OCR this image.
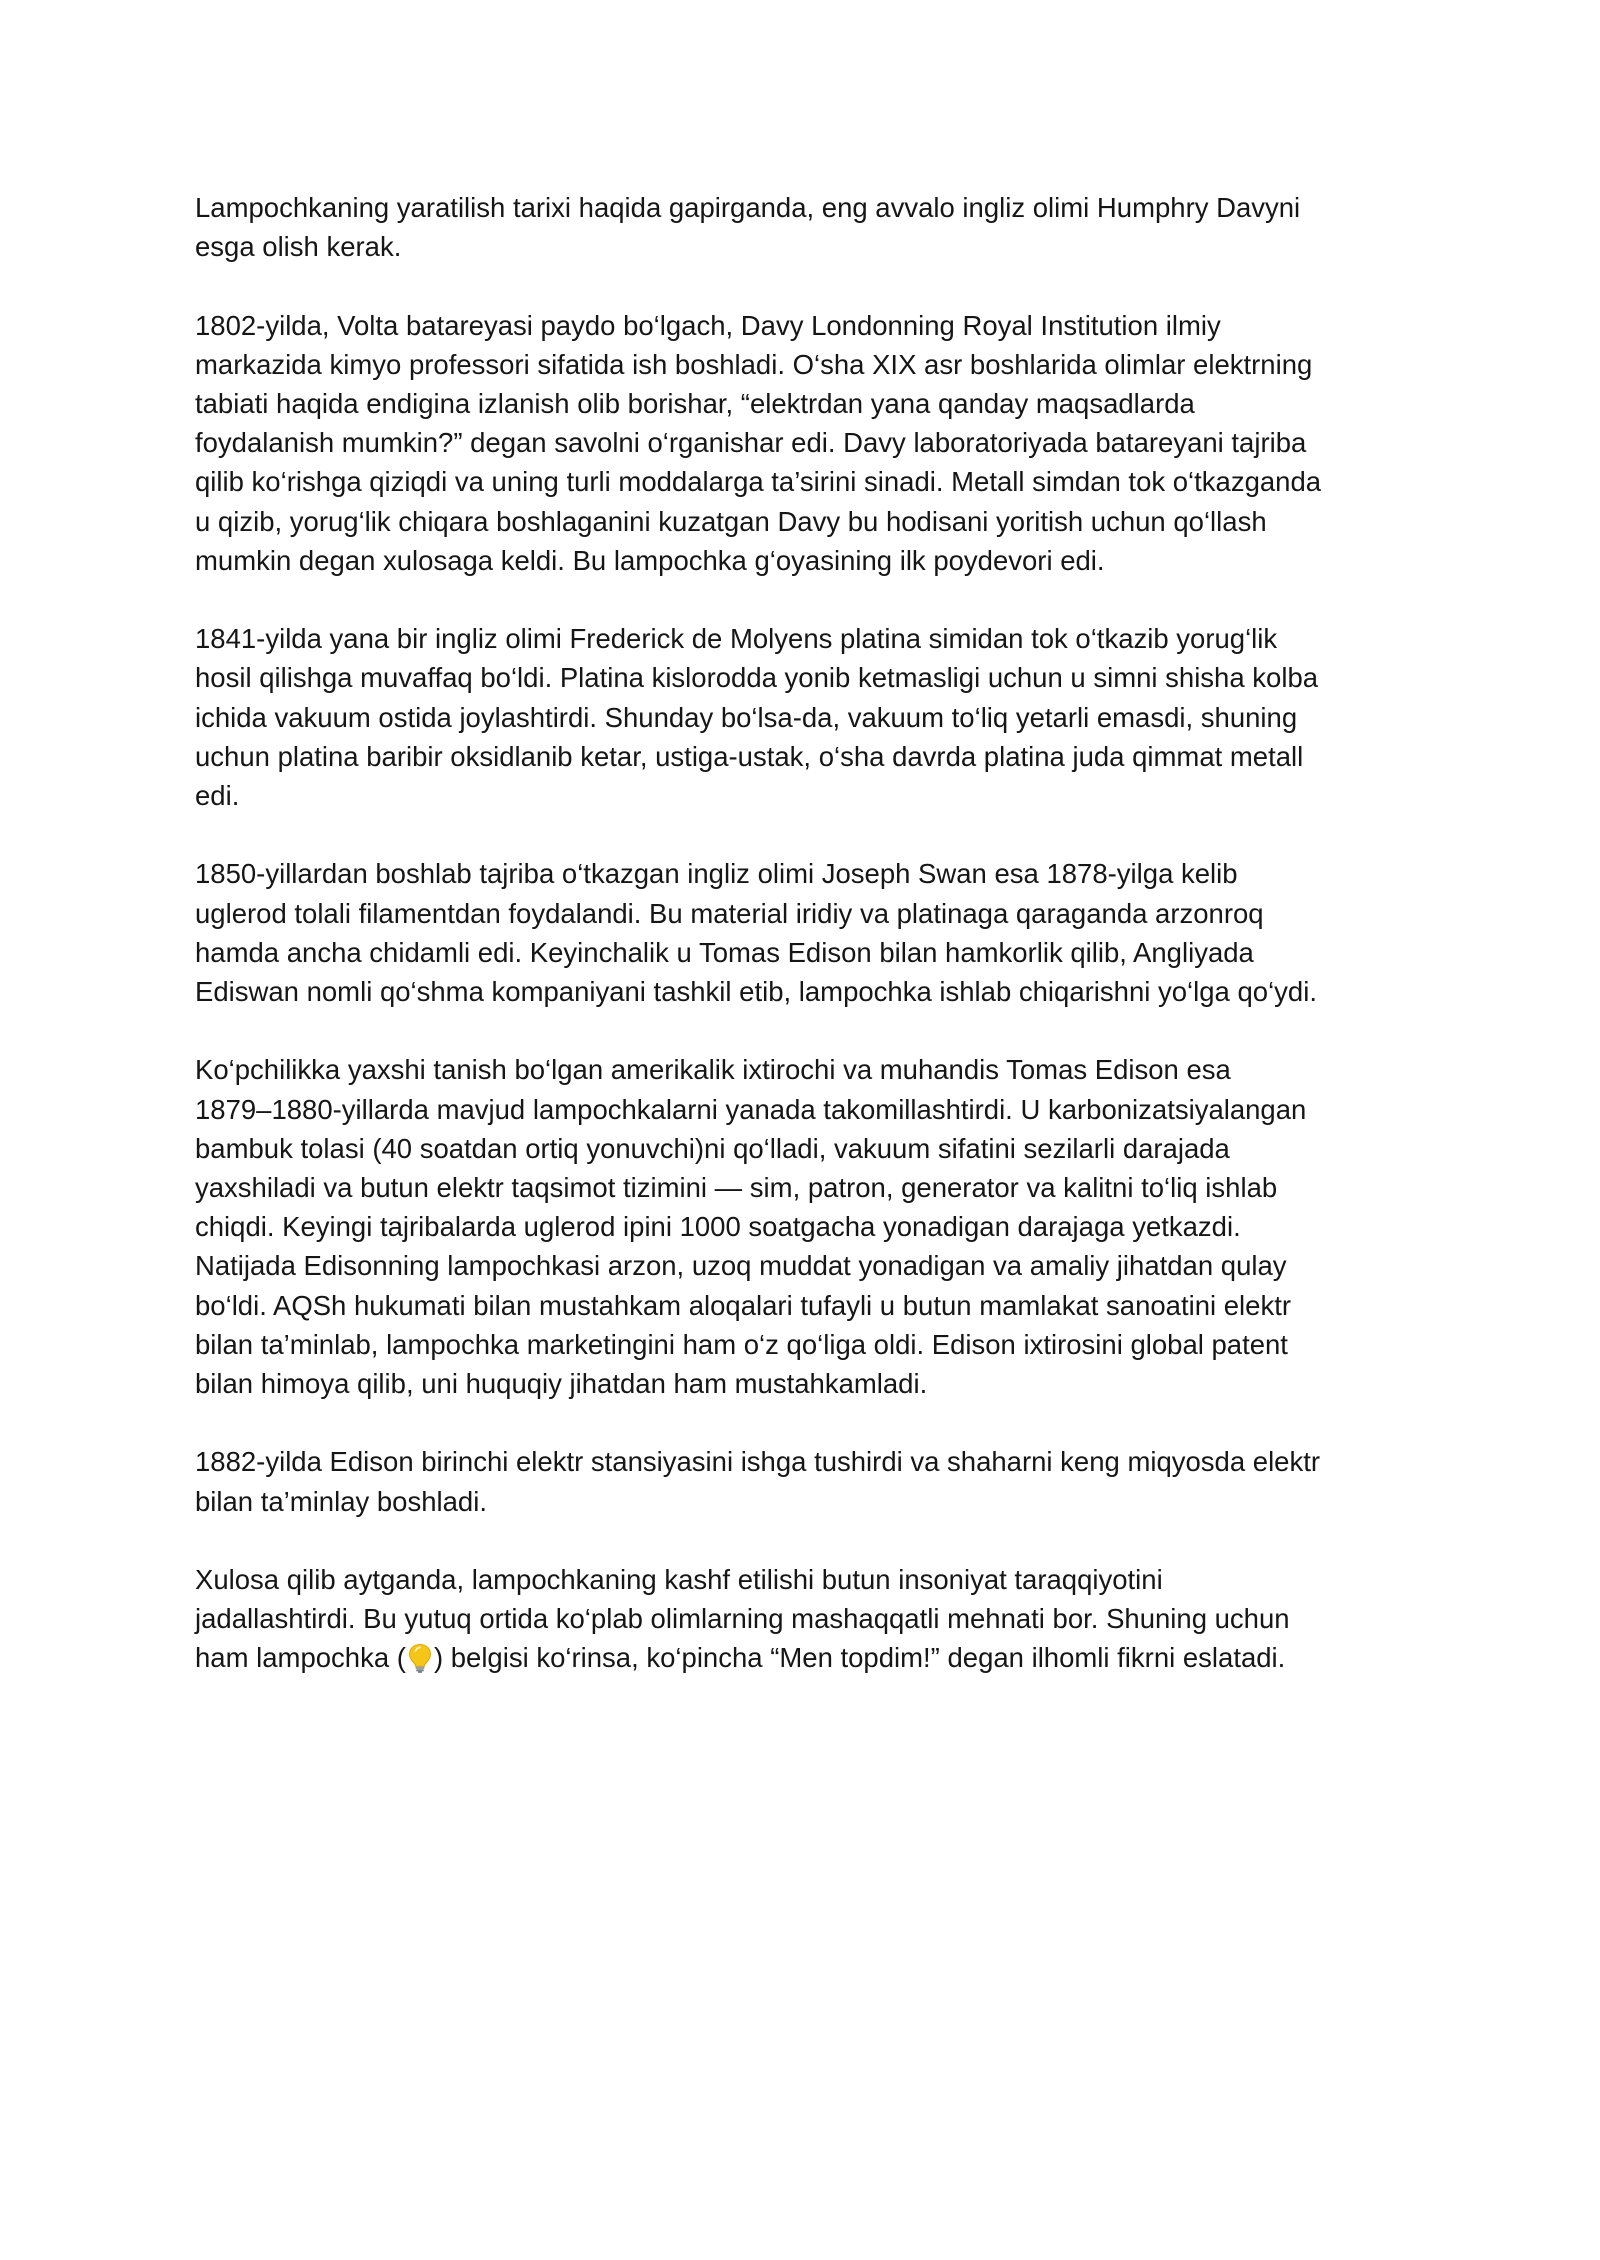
Lampochkaning yaratilish tarixi haqida gapirganda, eng avvalo ingliz olimi Humphry Davyni
esga olish kerak.

1802-yilda, Volta batareyasi paydo bo‘lgach, Davy Londonning Royal Institution ilmiy
markazida kimyo professori sifatida ish boshladi. O‘sha XIX asr boshlarida olimlar elektrning
tabiati haqida endigina izlanish olib borishar, “elektrdan yana qanday maqsadlarda
foydalanish mumkin?” degan savolni o‘rganishar edi. Davy laboratoriyada batareyani tajriba
qilib ko‘rishga qiziqdi va uning turli moddalarga ta’sirini sinadi. Metall simdan tok o‘tkazganda
u qizib, yorug‘lik chiqara boshlaganini kuzatgan Davy bu hodisani yoritish uchun qo‘llash
mumkin degan xulosaga keldi. Bu lampochka g‘oyasining ilk poydevori edi.

1841-yilda yana bir ingliz olimi Frederick de Molyens platina simidan tok o‘tkazib yorug‘lik
hosil qilishga muvaffaq bo‘ldi. Platina kislorodda yonib ketmasligi uchun u simni shisha kolba
ichida vakuum ostida joylashtirdi. Shunday bo‘lsa-da, vakuum to‘liq yetarli emasdi, shuning
uchun platina baribir oksidlanib ketar, ustiga-ustak, o‘sha davrda platina juda qimmat metall
edi.

1850-yillardan boshlab tajriba o‘tkazgan ingliz olimi Joseph Swan esa 1878-yilga kelib
uglerod tolali filamentdan foydalandi. Bu material iridiy va platinaga qaraganda arzonroq
hamda ancha chidamli edi. Keyinchalik u Tomas Edison bilan hamkorlik qilib, Angliyada
Ediswan nomli qo‘shma kompaniyani tashkil etib, lampochka ishlab chiqarishni yo‘lga qo‘ydi.

Ko‘pchilikka yaxshi tanish bo‘lgan amerikalik ixtirochi va muhandis Tomas Edison esa
1879–1880-yillarda mavjud lampochkalarni yanada takomillashtirdi. U karbonizatsiyalangan
bambuk tolasi (40 soatdan ortiq yonuvchi)ni qo‘lladi, vakuum sifatini sezilarli darajada
yaxshiladi va butun elektr taqsimot tizimini — sim, patron, generator va kalitni to‘liq ishlab
chiqdi. Keyingi tajribalarda uglerod ipini 1000 soatgacha yonadigan darajaga yetkazdi.
Natijada Edisonning lampochkasi arzon, uzoq muddat yonadigan va amaliy jihatdan qulay
bo‘ldi. AQSh hukumati bilan mustahkam aloqalari tufayli u butun mamlakat sanoatini elektr
bilan ta’minlab, lampochka marketingini ham o‘z qo‘liga oldi. Edison ixtirosini global patent
bilan himoya qilib, uni huquqiy jihatdan ham mustahkamladi.

1882-yilda Edison birinchi elektr stansiyasini ishga tushirdi va shaharni keng miqyosda elektr
bilan ta’minlay boshladi.

Xulosa qilib aytganda, lampochkaning kashf etilishi butun insoniyat taraqqiyotini
jadallashtirdi. Bu yutuq ortida ko‘plab olimlarning mashaqqatli mehnati bor. Shuning uchun
ham lampochka ( ) belgisi ko‘rinsa, ko‘pincha “Men topdim!” degan ilhomli fikrni eslatadi.
